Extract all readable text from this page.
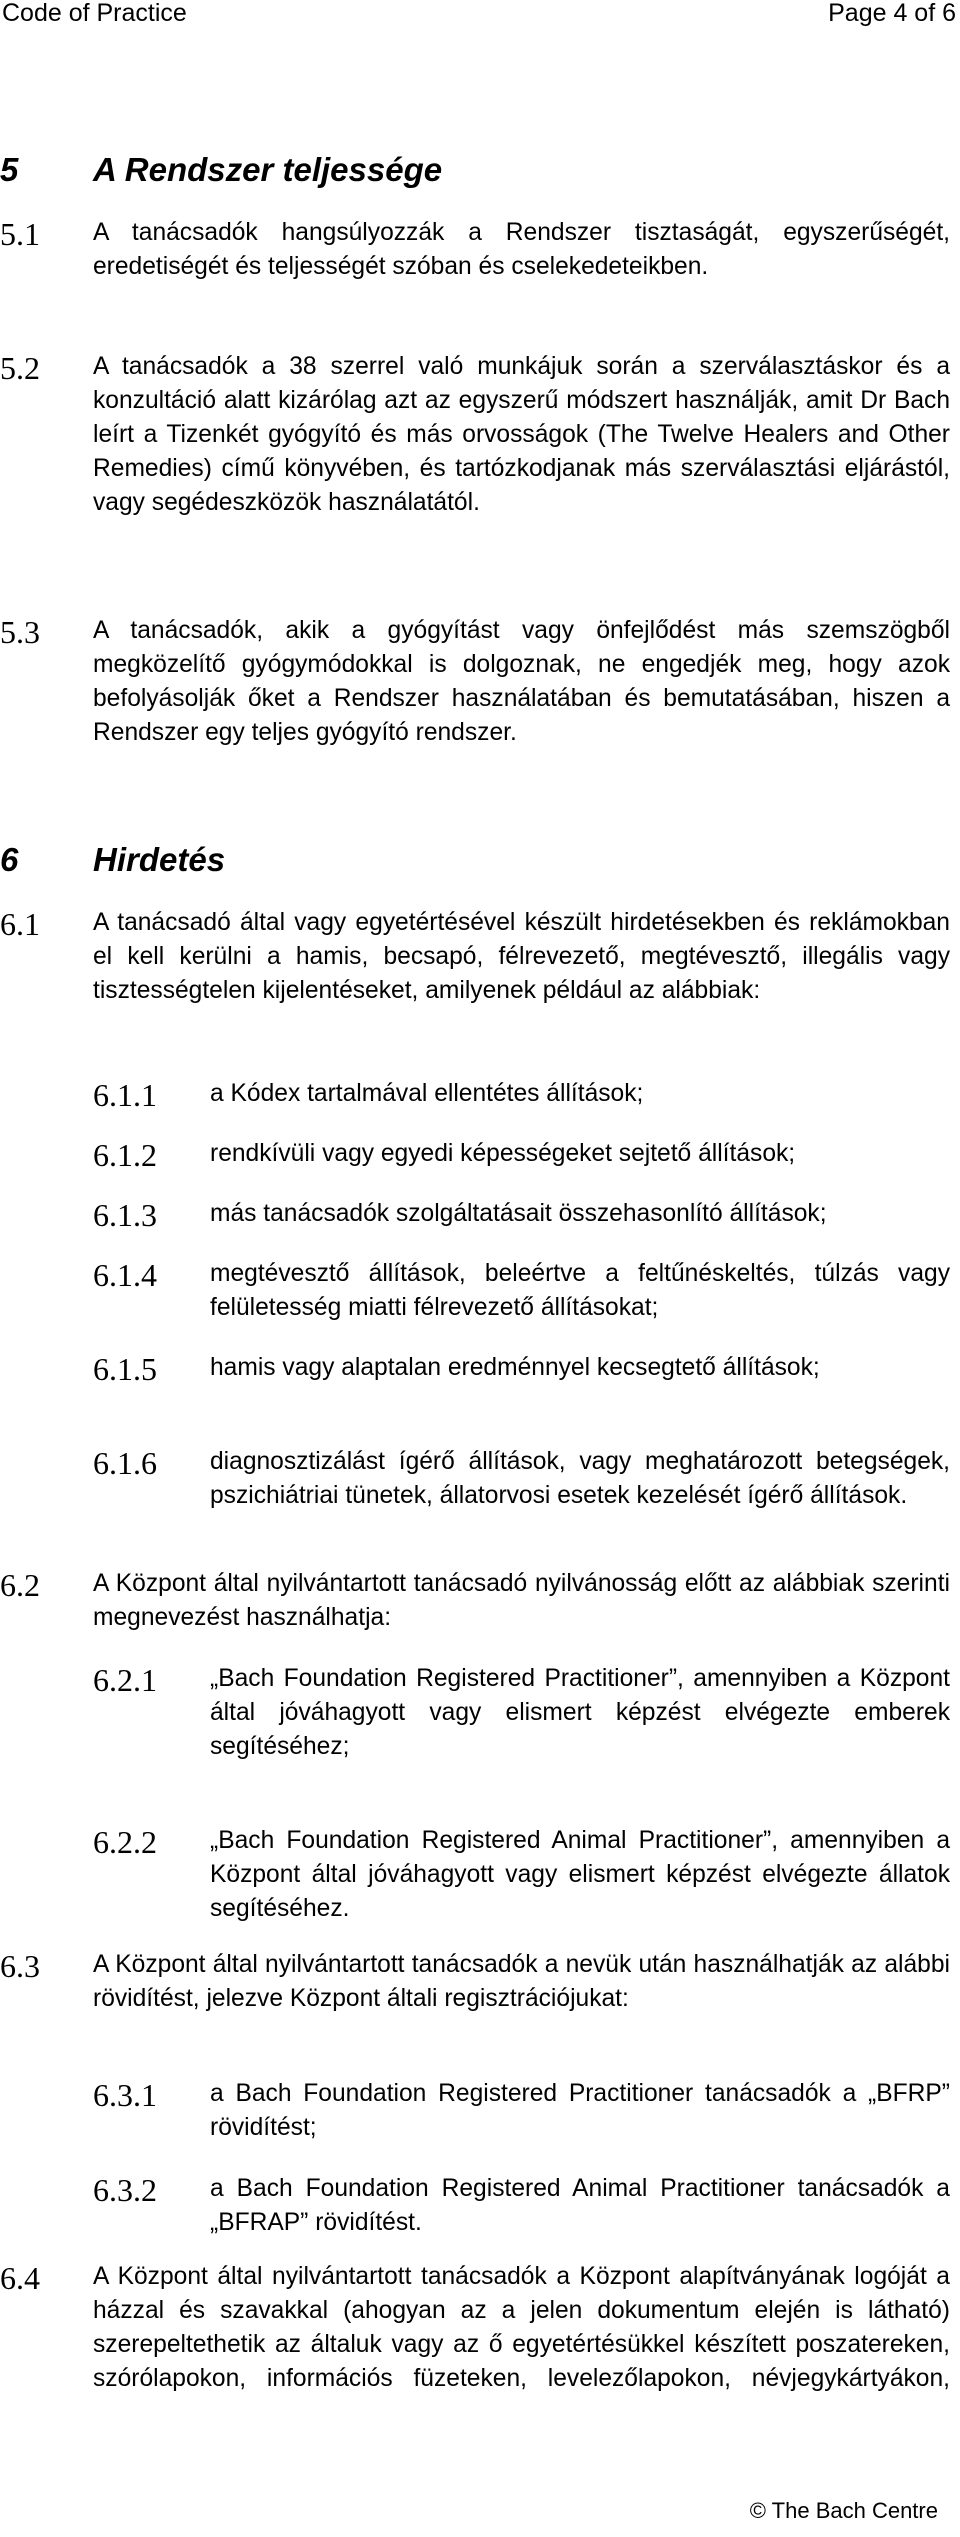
Code of Practice	Page 4 of 6
5 A Rendszer teljessége
5.1 A tanácsadók hangsúlyozzák a Rendszer tisztaságát, egyszerűségét, eredetiségét és teljességét szóban és cselekedeteikben.
5.2 A tanácsadók a 38 szerrel való munkájuk során a szerválasztáskor és a konzultáció alatt kizárólag azt az egyszerű módszert használják, amit Dr Bach leírt a Tizenkét gyógyító és más orvosságok (The Twelve Healers and Other Remedies) című könyvében, és tartózkodjanak más szerválasztási eljárástól, vagy segédeszközök használatától.
5.3 A tanácsadók, akik a gyógyítást vagy önfejlődést más szemszögből megközelítő gyógymódokkal is dolgoznak, ne engedjék meg, hogy azok befolyásolják őket a Rendszer használatában és bemutatásában, hiszen a Rendszer egy teljes gyógyító rendszer.
6 Hirdetés
6.1 A tanácsadó által vagy egyetértésével készült hirdetésekben és reklámokban el kell kerülni a hamis, becsapó, félrevezető, megtévesztő, illegális vagy tisztességtelen kijelentéseket, amilyenek például az alábbiak:
6.1.1 a Kódex tartalmával ellentétes állítások;
6.1.2 rendkívüli vagy egyedi képességeket sejtető állítások;
6.1.3 más tanácsadók szolgáltatásait összehasonlító állítások;
6.1.4 megtévesztő állítások, beleértve a feltűnéskeltés, túlzás vagy felületesség miatti félrevezető állításokat;
6.1.5 hamis vagy alaptalan eredménnyel kecsegtető állítások;
6.1.6 diagnosztizálást ígérő állítások, vagy meghatározott betegségek, pszichiátriai tünetek, állatorvosi esetek kezelését ígérő állítások.
6.2 A Központ által nyilvántartott tanácsadó nyilvánosság előtt az alábbiak szerinti megnevezést használhatja:
6.2.1 „Bach Foundation Registered Practitioner”, amennyiben a Központ által jóváhagyott vagy elismert képzést elvégezte emberek segítéséhez;
6.2.2 „Bach Foundation Registered Animal Practitioner”, amennyiben a Központ által jóváhagyott vagy elismert képzést elvégezte állatok segítéséhez.
6.3 A Központ által nyilvántartott tanácsadók a nevük után használhatják az alábbi rövidítést, jelezve Központ általi regisztrációjukat:
6.3.1 a Bach Foundation Registered Practitioner tanácsadók a „BFRP” rövidítést;
6.3.2 a Bach Foundation Registered Animal Practitioner tanácsadók a „BFRAP” rövidítést.
6.4 A Központ által nyilvántartott tanácsadók a Központ alapítványának logóját a házzal és szavakkal (ahogyan az a jelen dokumentum elején is látható) szerepeltethetik az általuk vagy az ő egyetértésükkel készített poszatereken, szórólapokon, információs füzeteken, levelezőlapokon, névjegykártyákon,
© The Bach Centre
